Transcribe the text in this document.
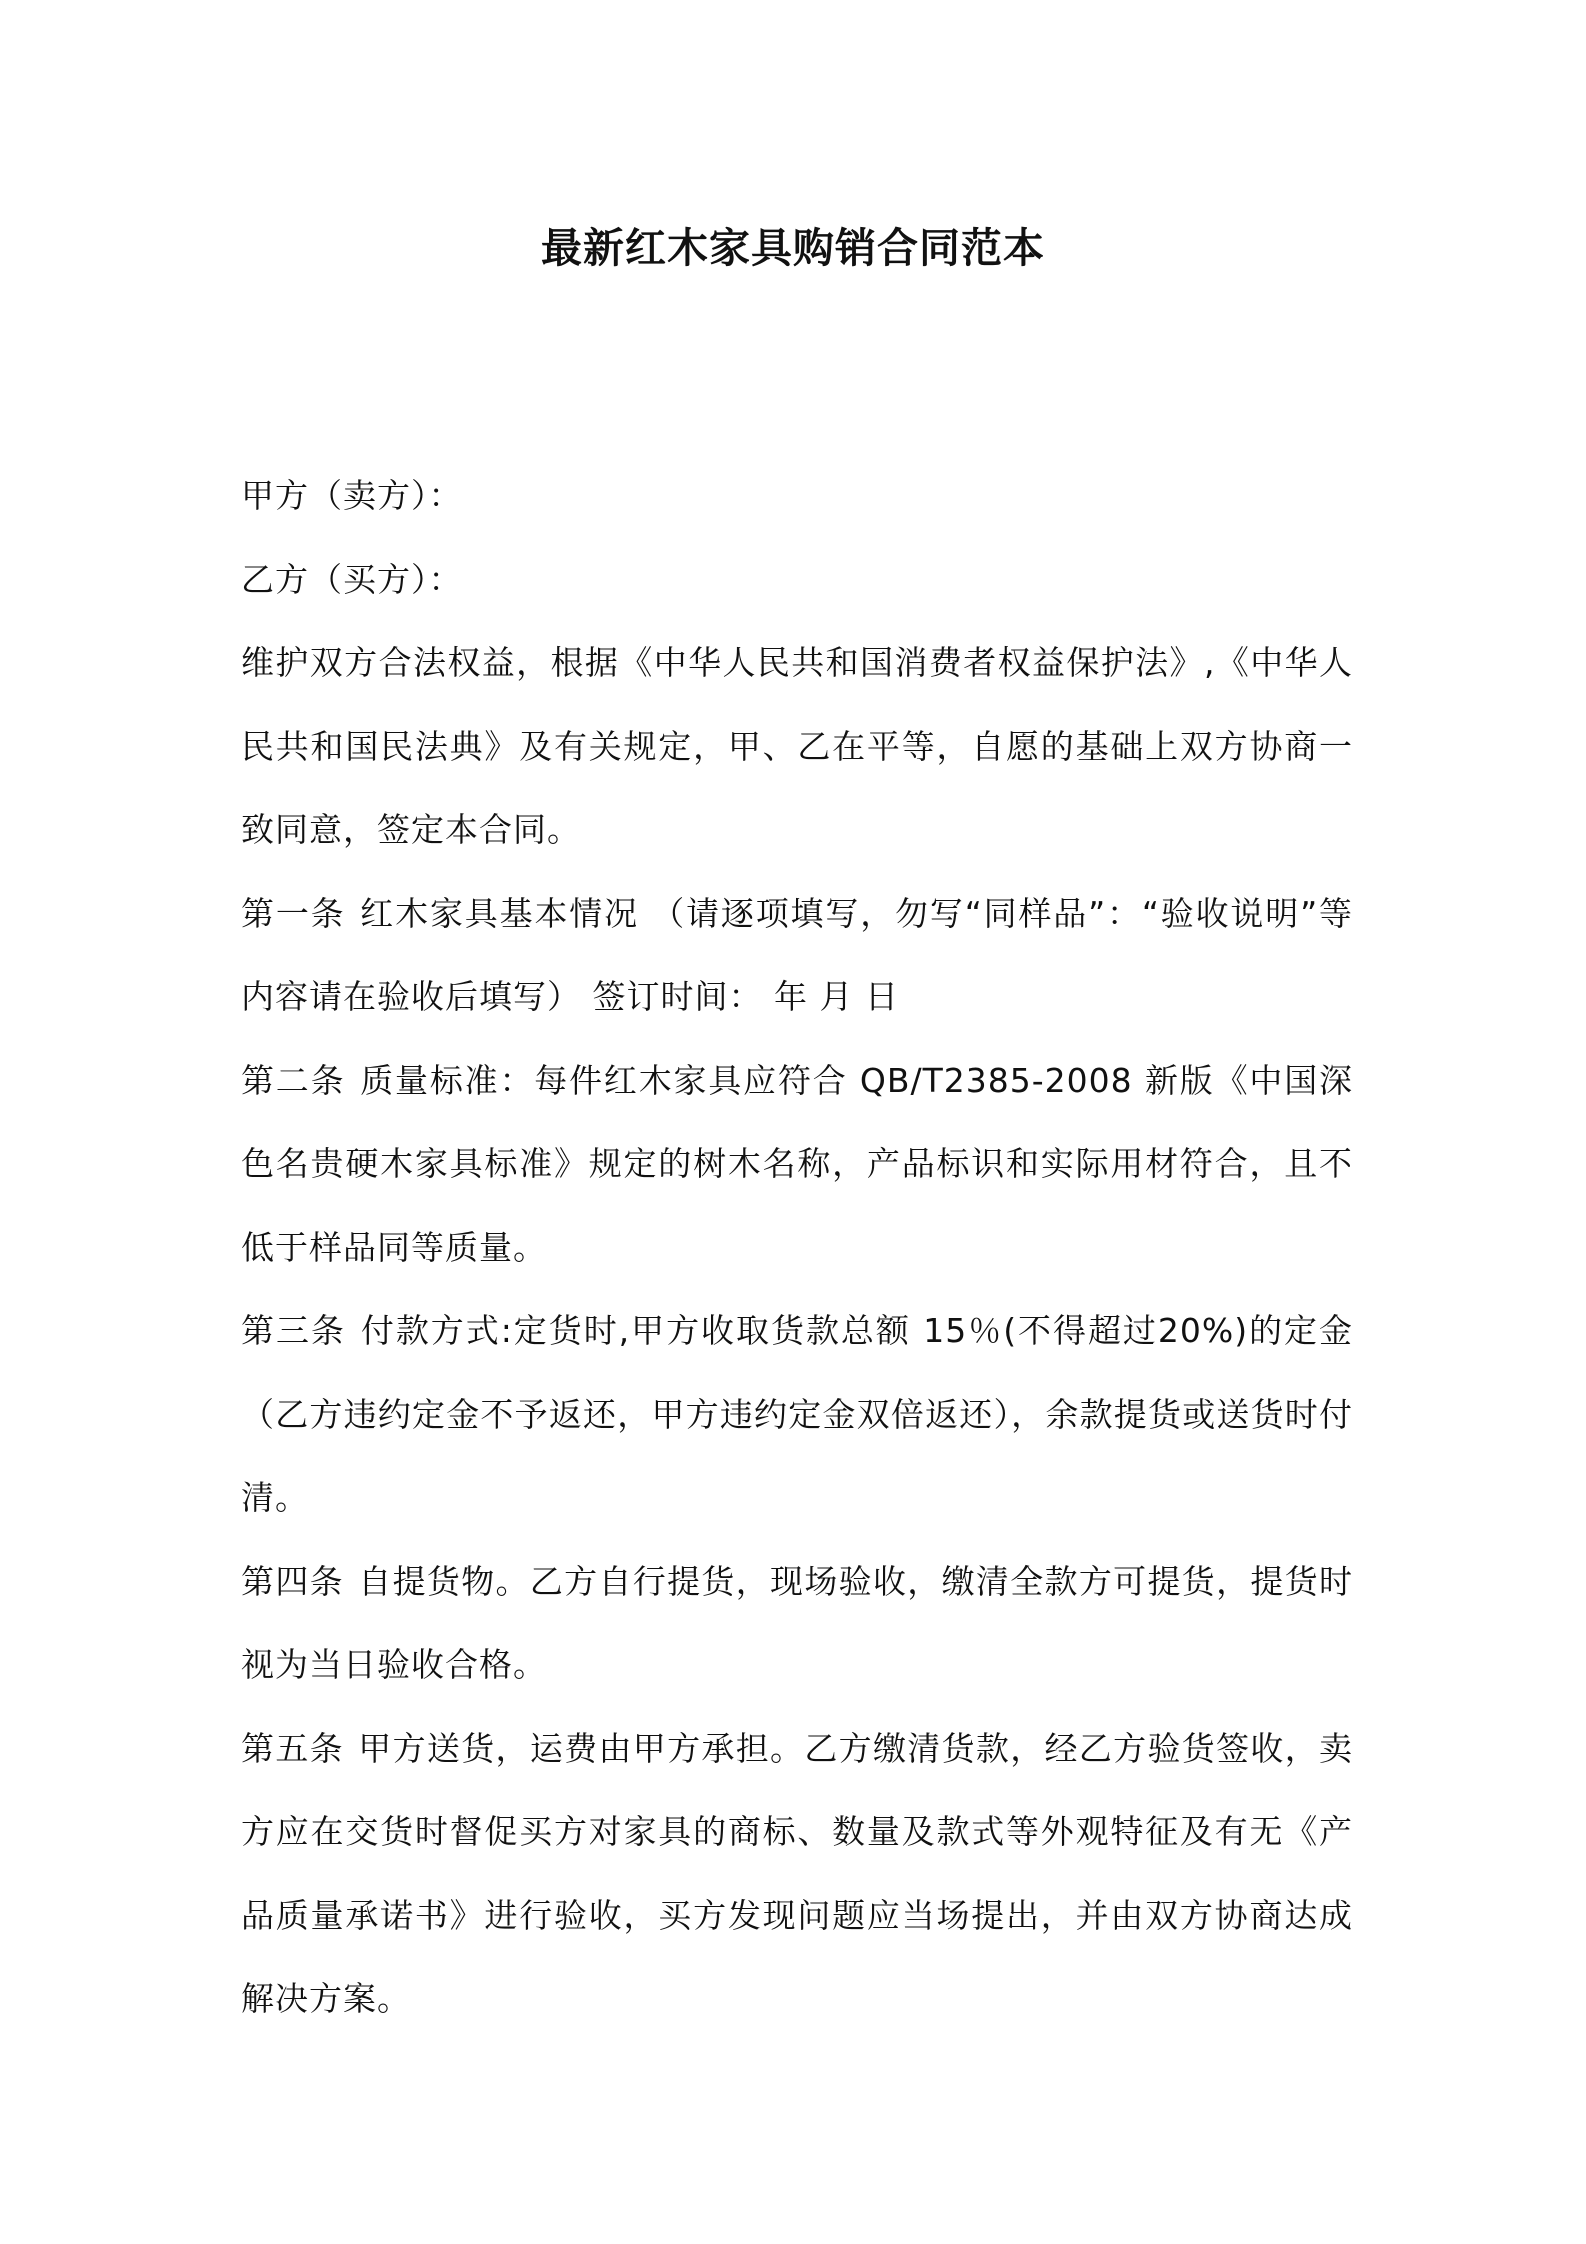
最新红木家具购销合同范本

甲方（卖方）：

乙方（买方）：

维护双方合法权益，根据《中华人民共和国消费者权益保护法》,《中华人民共和国民法典》及有关规定，甲、乙在平等，自愿的基础上双方协商一致同意，签定本合同。

第一条 红木家具基本情况 （请逐项填写，勿写“同样品”：“验收说明”等内容请在验收后填写） 签订时间： 年 月 日

第二条 质量标准：每件红木家具应符合 QB/T2385-2008 新版《中国深色名贵硬木家具标准》规定的树木名称，产品标识和实际用材符合，且不低于样品同等质量。

第三条 付款方式:定货时,甲方收取货款总额 15％(不得超过20%)的定金（乙方违约定金不予返还，甲方违约定金双倍返还），余款提货或送货时付清。

第四条 自提货物。乙方自行提货，现场验收，缴清全款方可提货，提货时视为当日验收合格。

第五条 甲方送货，运费由甲方承担。乙方缴清货款，经乙方验货签收，卖方应在交货时督促买方对家具的商标、数量及款式等外观特征及有无《产品质量承诺书》进行验收，买方发现问题应当场提出，并由双方协商达成解决方案。
